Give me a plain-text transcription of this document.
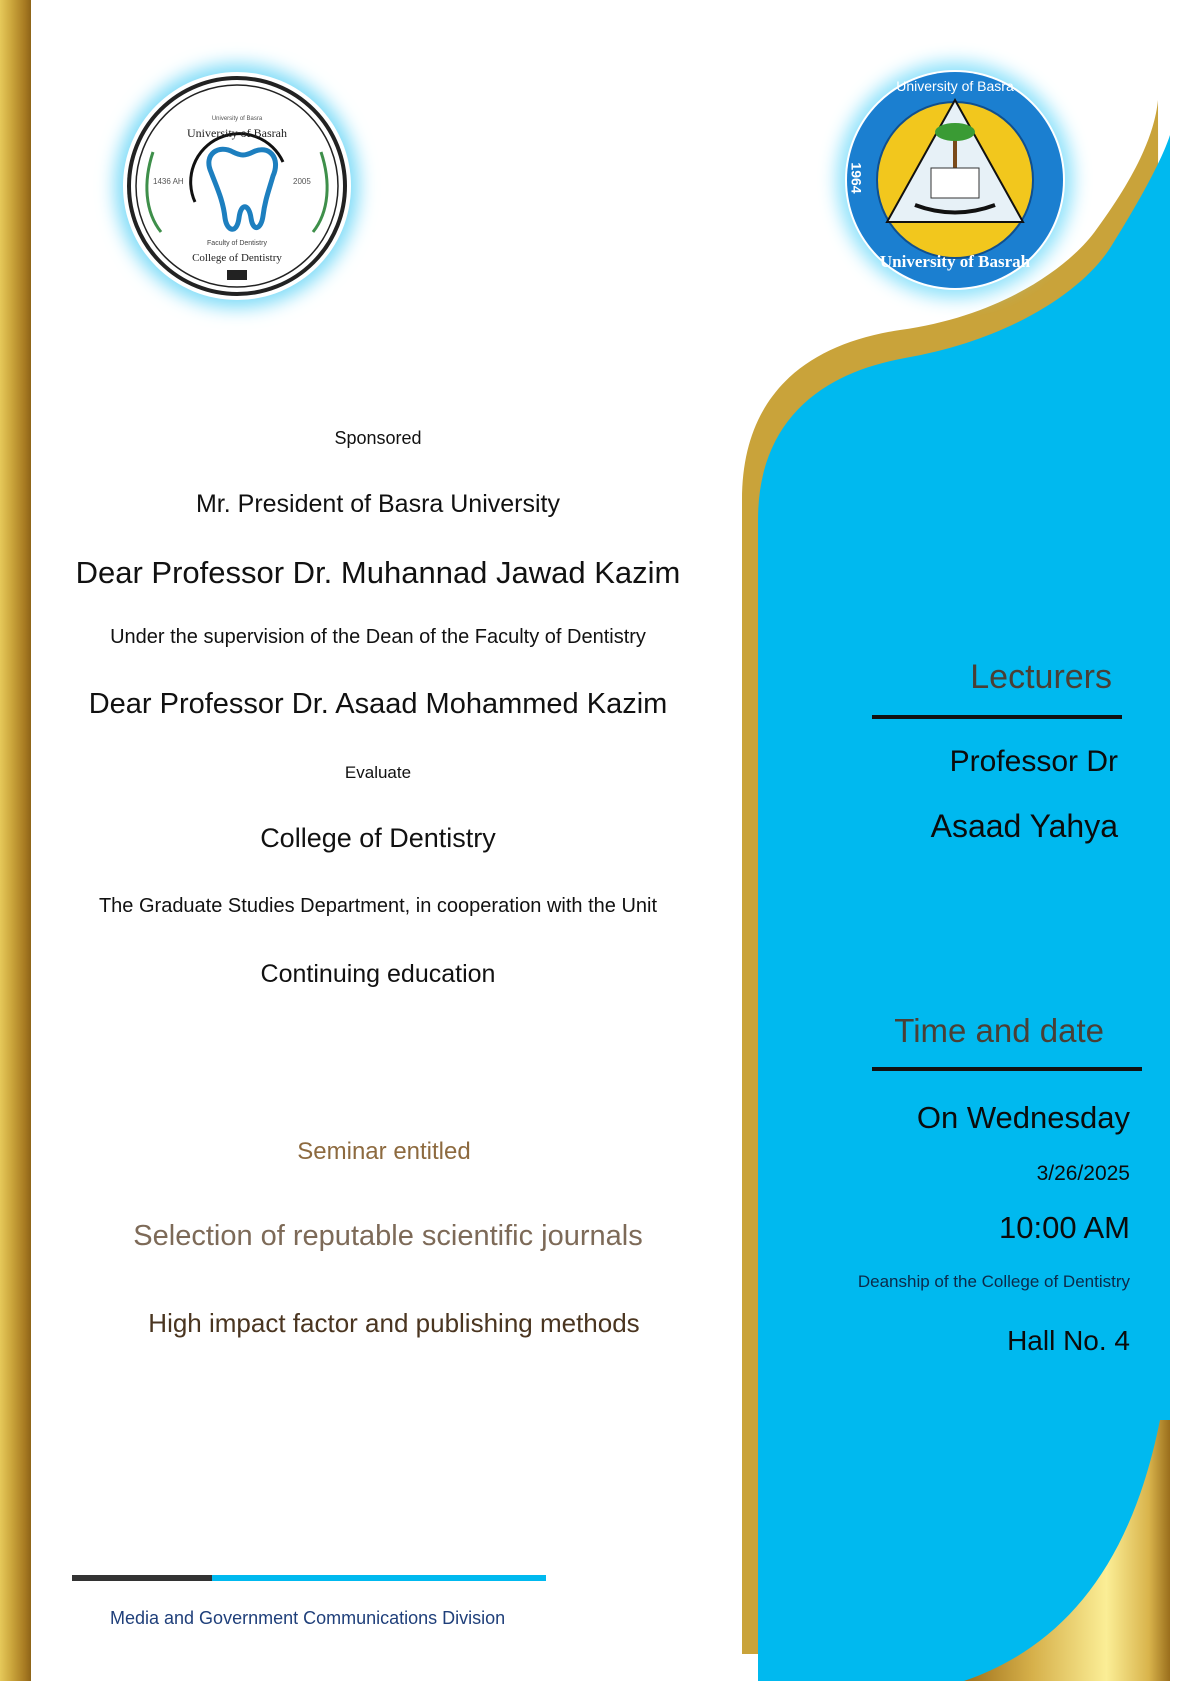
University of Basra
University of Basrah
1436 AH	2005
Faculty of Dentistry
College of Dentistry
University of Basra
1964
University of Basrah
Sponsored
Mr. President of Basra University
Dear Professor Dr. Muhannad Jawad Kazim
Under the supervision of the Dean of the Faculty of Dentistry
Dear Professor Dr. Asaad Mohammed Kazim
Evaluate
College of Dentistry
The Graduate Studies Department, in cooperation with the Unit
Continuing education
Seminar entitled
Selection of reputable scientific journals
High impact factor and publishing methods
Media and Government Communications Division
Lecturers
Professor Dr
Asaad Yahya
Time and date
On Wednesday
3/26/2025
10:00 AM
Deanship of the College of Dentistry
Hall No. 4
